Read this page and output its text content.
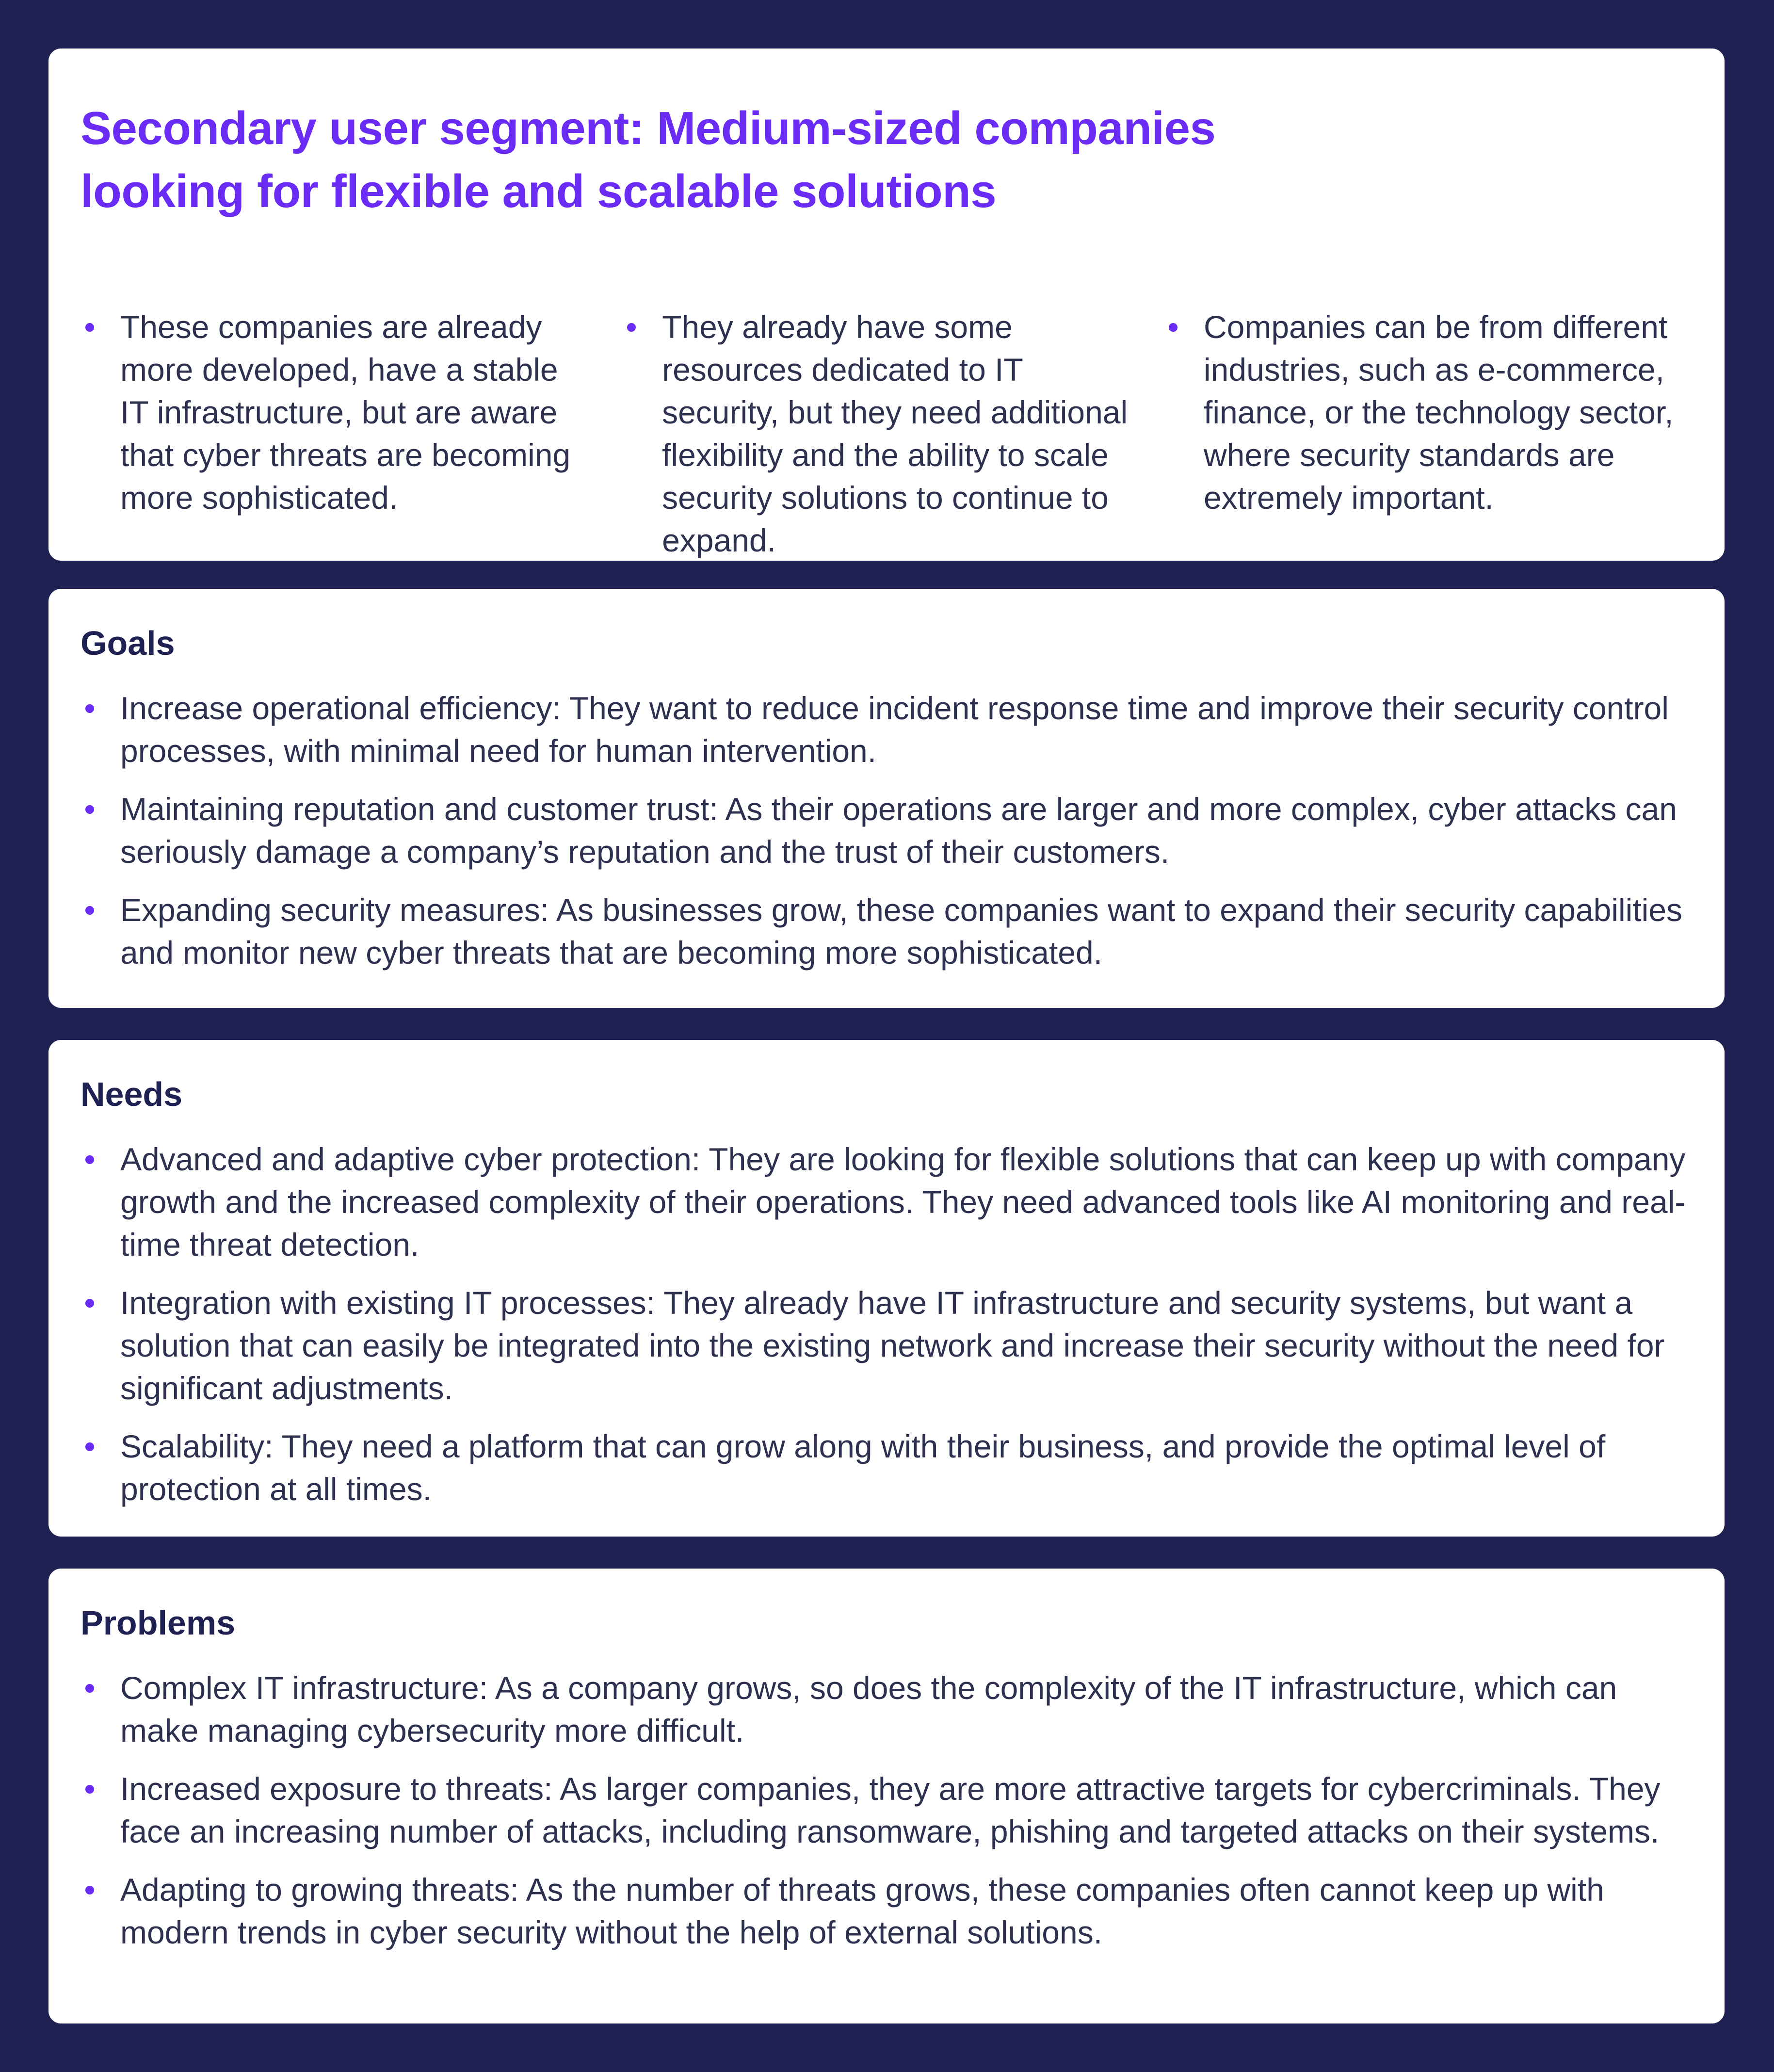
Secondary user segment: Medium-sized companies looking for flexible and scalable solutions
These companies are already more developed, have a stable IT infrastructure, but are aware that cyber threats are becoming more sophisticated.
They already have some resources dedicated to IT security, but they need additional flexibility and the ability to scale security solutions to continue to expand.
Companies can be from different industries, such as e-commerce, finance, or the technology sector, where security standards are extremely important.
Goals
Increase operational efficiency: They want to reduce incident response time and improve their security control processes, with minimal need for human intervention.
Maintaining reputation and customer trust: As their operations are larger and more complex, cyber attacks can seriously damage a company’s reputation and the trust of their customers.
Expanding security measures: As businesses grow, these companies want to expand their security capabilities and monitor new cyber threats that are becoming more sophisticated.
Needs
Advanced and adaptive cyber protection: They are looking for flexible solutions that can keep up with company growth and the increased complexity of their operations. They need advanced tools like AI monitoring and real-time threat detection.
Integration with existing IT processes: They already have IT infrastructure and security systems, but want a solution that can easily be integrated into the existing network and increase their security without the need for significant adjustments.
Scalability: They need a platform that can grow along with their business, and provide the optimal level of protection at all times.
Problems
Complex IT infrastructure: As a company grows, so does the complexity of the IT infrastructure, which can make managing cybersecurity more difficult.
Increased exposure to threats: As larger companies, they are more attractive targets for cybercriminals. They face an increasing number of attacks, including ransomware, phishing and targeted attacks on their systems.
Adapting to growing threats: As the number of threats grows, these companies often cannot keep up with modern trends in cyber security without the help of external solutions.
